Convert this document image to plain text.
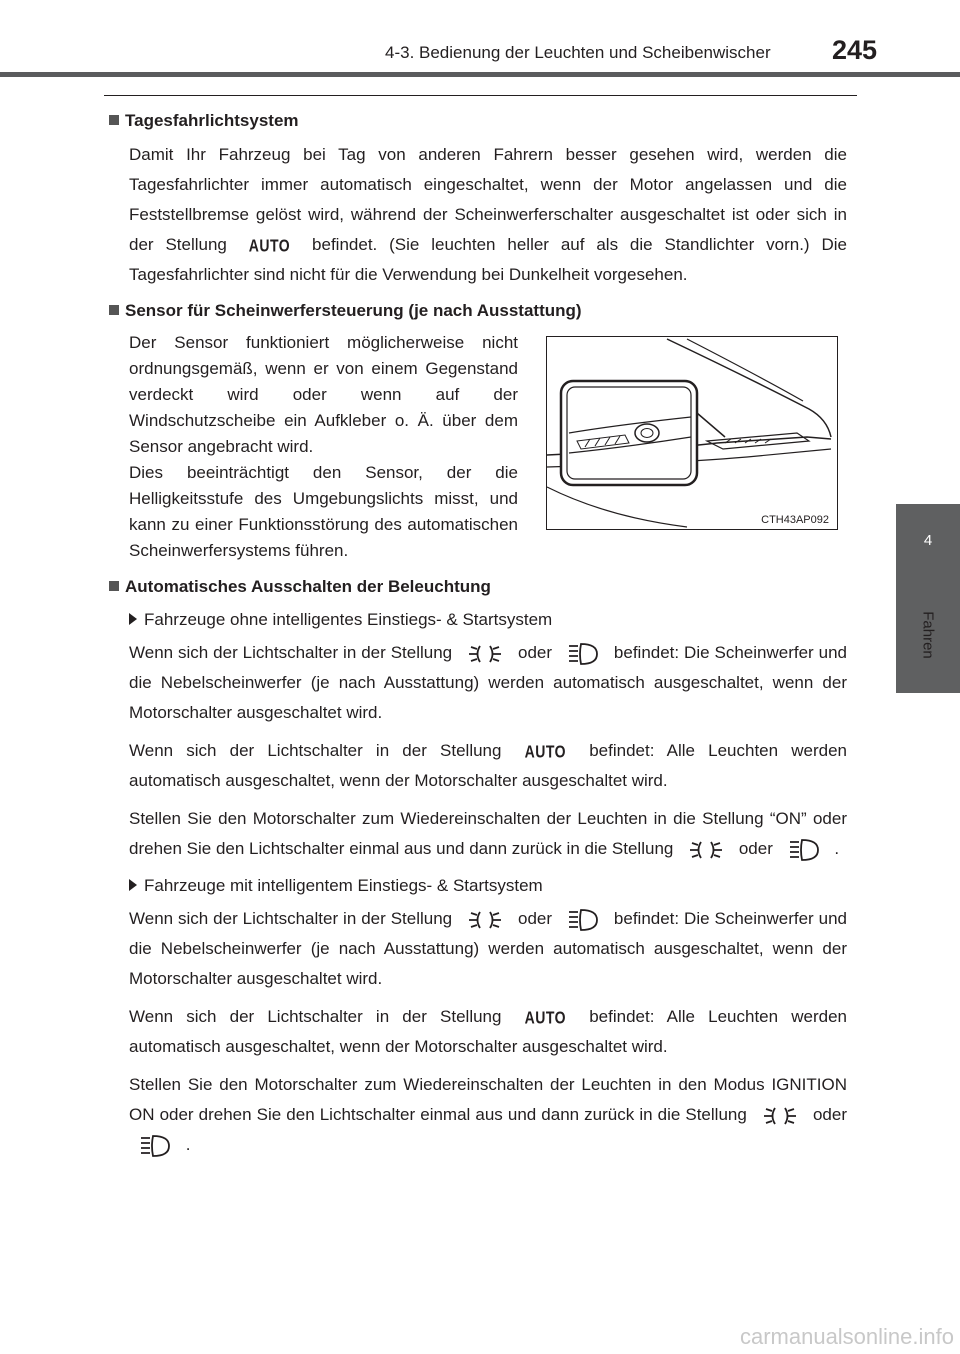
4-3. Bedienung der Leuchten und Scheibenwischer 245
4
Fahren
Tagesfahrlichtsystem

Damit Ihr Fahrzeug bei Tag von anderen Fahrern besser gesehen wird, werden die Tagesfahrlichter immer automatisch eingeschaltet, wenn der Motor angelassen und die Feststellbremse gelöst wird, während der Scheinwerferschalter ausgeschaltet ist oder sich in der Stellung AUTO befindet. (Sie leuchten heller auf als die Standlichter vorn.) Die Tagesfahrlichter sind nicht für die Verwendung bei Dunkelheit vorgesehen.

Sensor für Scheinwerfersteuerung (je nach Ausstattung)
Der Sensor funktioniert möglicherweise nicht ordnungsgemäß, wenn er von einem Gegenstand verdeckt wird oder wenn auf der Windschutzscheibe ein Aufkleber o. Ä. über dem Sensor angebracht wird.
Dies beeinträchtigt den Sensor, der die Helligkeitsstufe des Umgebungslichts misst, und kann zu einer Funktionsstörung des automatischen Scheinwerfersystems führen.
CTH43AP092
Automatisches Ausschalten der Beleuchtung
Fahrzeuge ohne intelligentes Einstiegs- & Startsystem

Wenn sich der Lichtschalter in der Stellung	oder	befindet: Die Scheinwerfer und die Nebelscheinwerfer (je nach Ausstattung) werden automatisch ausgeschaltet, wenn der Motorschalter ausgeschaltet wird.

Wenn sich der Lichtschalter in der Stellung AUTO befindet: Alle Leuchten werden automatisch ausgeschaltet, wenn der Motorschalter ausgeschaltet wird.

Stellen Sie den Motorschalter zum Wiedereinschalten der Leuchten in die Stellung “ON” oder drehen Sie den Lichtschalter einmal aus und dann zurück in die Stellung	oder	.

Fahrzeuge mit intelligentem Einstiegs- & Startsystem

Wenn sich der Lichtschalter in der Stellung	oder	befindet: Die Scheinwerfer und die Nebelscheinwerfer (je nach Ausstattung) werden automatisch ausgeschaltet, wenn der Motorschalter ausgeschaltet wird.

Wenn sich der Lichtschalter in der Stellung AUTO befindet: Alle Leuchten werden automatisch ausgeschaltet, wenn der Motorschalter ausgeschaltet wird.

Stellen Sie den Motorschalter zum Wiedereinschalten der Leuchten in den Modus IGNITION ON oder drehen Sie den Lichtschalter einmal aus und dann zurück in die Stellung	oder  .

carmanualsonline.info
